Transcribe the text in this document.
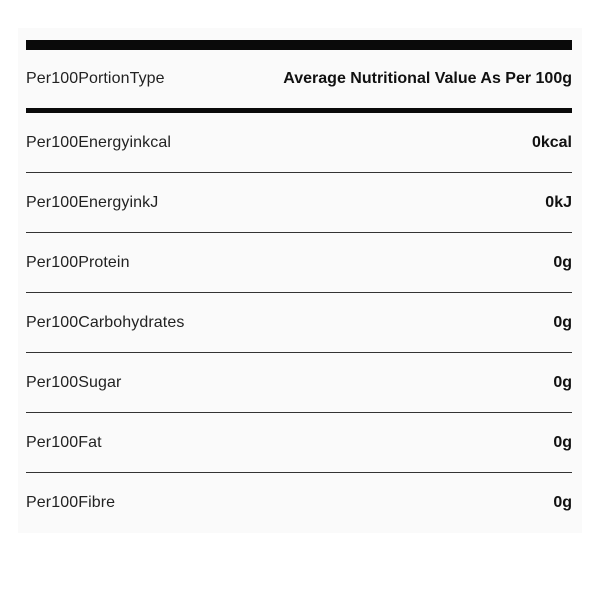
Per100PortionType	Average Nutritional Value As Per 100g
Per100Energyinkcal	0kcal
Per100EnergyinkJ	0kJ
Per100Protein	0g
Per100Carbohydrates	0g
Per100Sugar	0g
Per100Fat	0g
Per100Fibre	0g
